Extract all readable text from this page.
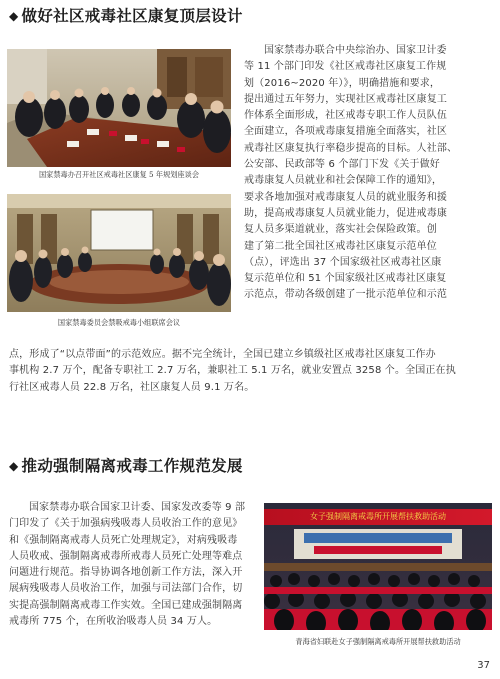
◆ 做好社区戒毒社区康复顶层设计
国家禁毒办召开社区戒毒社区康复 5 年规划座谈会
国家禁毒委员会禁吸戒毒小组联席会议
国家禁毒办联合中央综治办、国家卫计委
等 11 个部门印发《社区戒毒社区康复工作规
划（2016~2020 年）》，明确措施和要求，
提出通过五年努力，实现社区戒毒社区康复工
作体系全面形成，社区戒毒专职工作人员队伍
全面建立，各项戒毒康复措施全面落实，社区
戒毒社区康复执行率稳步提高的目标。人社部、
公安部、民政部等 6 个部门下发《关于做好
戒毒康复人员就业和社会保障工作的通知》，
要求各地加强对戒毒康复人员的就业服务和援
助，提高戒毒康复人员就业能力，促进戒毒康
复人员多渠道就业，落实社会保险政策。创
建了第二批全国社区戒毒社区康复示范单位
（点），评选出 37 个国家级社区戒毒社区康
复示范单位和 51 个国家级社区戒毒社区康复
示范点，带动各级创建了一批示范单位和示范
点，形成了“以点带面”的示范效应。据不完全统计，全国已建立乡镇级社区戒毒社区康复工作办
事机构 2.7 万个，配备专职社工 2.7 万名，兼职社工 5.1 万名，就业安置点 3258 个。全国正在执
行社区戒毒人员 22.8 万名，社区康复人员 9.1 万名。
◆ 推动强制隔离戒毒工作规范发展
国家禁毒办联合国家卫计委、国家发改委等 9 部
门印发了《关于加强病残吸毒人员收治工作的意见》
和《强制隔离戒毒人员死亡处理规定》，对病残吸毒
人员收戒、强制隔离戒毒所戒毒人员死亡处理等难点
问题进行规范。指导协调各地创新工作方法，深入开
展病残吸毒人员收治工作，加强与司法部门合作，切
实提高强制隔离戒毒工作实效。全国已建成强制隔离
戒毒所 775 个，在所收治吸毒人员 34 万人。
女子强制隔离戒毒所开展帮扶救助活动
青海省妇联赴女子强制隔离戒毒所开展帮扶救助活动
37
